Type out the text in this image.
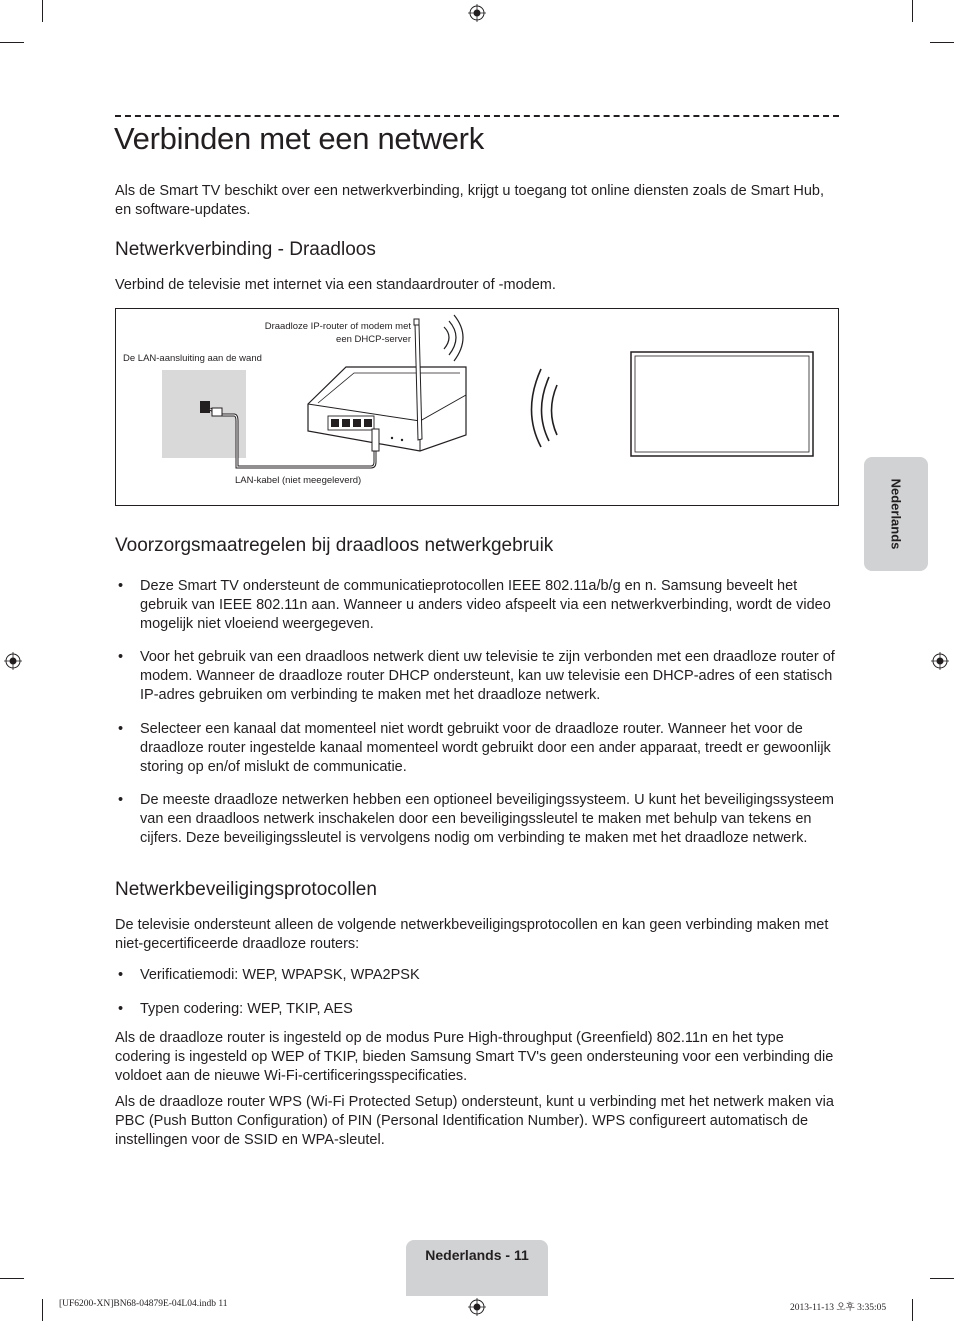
Verbinden met een netwerk

Als de Smart TV beschikt over een netwerkverbinding, krijgt u toegang tot online diensten zoals de Smart Hub, en software-updates.

Netwerkverbinding - Draadloos

Verbind de televisie met internet via een standaardrouter of -modem.

Draadloze IP-router of modem met
een DHCP-server
De LAN-aansluiting aan de wand
LAN-kabel (niet meegeleverd)
Voorzorgsmaatregelen bij draadloos netwerkgebruik
• Deze Smart TV ondersteunt de communicatieprotocollen IEEE 802.11a/b/g en n. Samsung beveelt het gebruik van IEEE 802.11n aan. Wanneer u anders video afspeelt via een netwerkverbinding, wordt de video mogelijk niet vloeiend weergegeven.
• Voor het gebruik van een draadloos netwerk dient uw televisie te zijn verbonden met een draadloze router of modem. Wanneer de draadloze router DHCP ondersteunt, kan uw televisie een DHCP-adres of een statisch IP-adres gebruiken om verbinding te maken met het draadloze netwerk.
• Selecteer een kanaal dat momenteel niet wordt gebruikt voor de draadloze router. Wanneer het voor de draadloze router ingestelde kanaal momenteel wordt gebruikt door een ander apparaat, treedt er gewoonlijk storing op en/of mislukt de communicatie.
• De meeste draadloze netwerken hebben een optioneel beveiligingssysteem. U kunt het beveiligingssysteem van een draadloos netwerk inschakelen door een beveiligingssleutel te maken met behulp van tekens en cijfers. Deze beveiligingssleutel is vervolgens nodig om verbinding te maken met het draadloze netwerk.
Netwerkbeveiligingsprotocollen

De televisie ondersteunt alleen de volgende netwerkbeveiligingsprotocollen en kan geen verbinding maken met niet-gecertificeerde draadloze routers:

• Verificatiemodi: WEP, WPAPSK, WPA2PSK
• Typen codering: WEP, TKIP, AES

Als de draadloze router is ingesteld op de modus Pure High-throughput (Greenfield) 802.11n en het type codering is ingesteld op WEP of TKIP, bieden Samsung Smart TV's geen ondersteuning voor een verbinding die voldoet aan de nieuwe Wi-Fi-certificeringsspecificaties.

Als de draadloze router WPS (Wi-Fi Protected Setup) ondersteunt, kunt u verbinding met het netwerk maken via PBC (Push Button Configuration) of PIN (Personal Identification Number). WPS configureert automatisch de instellingen voor de SSID en WPA-sleutel.

Nederlands
Nederlands - 11
[UF6200-XN]BN68-04879E-04L04.indb 11	2013-11-13 오후 3:35:05
